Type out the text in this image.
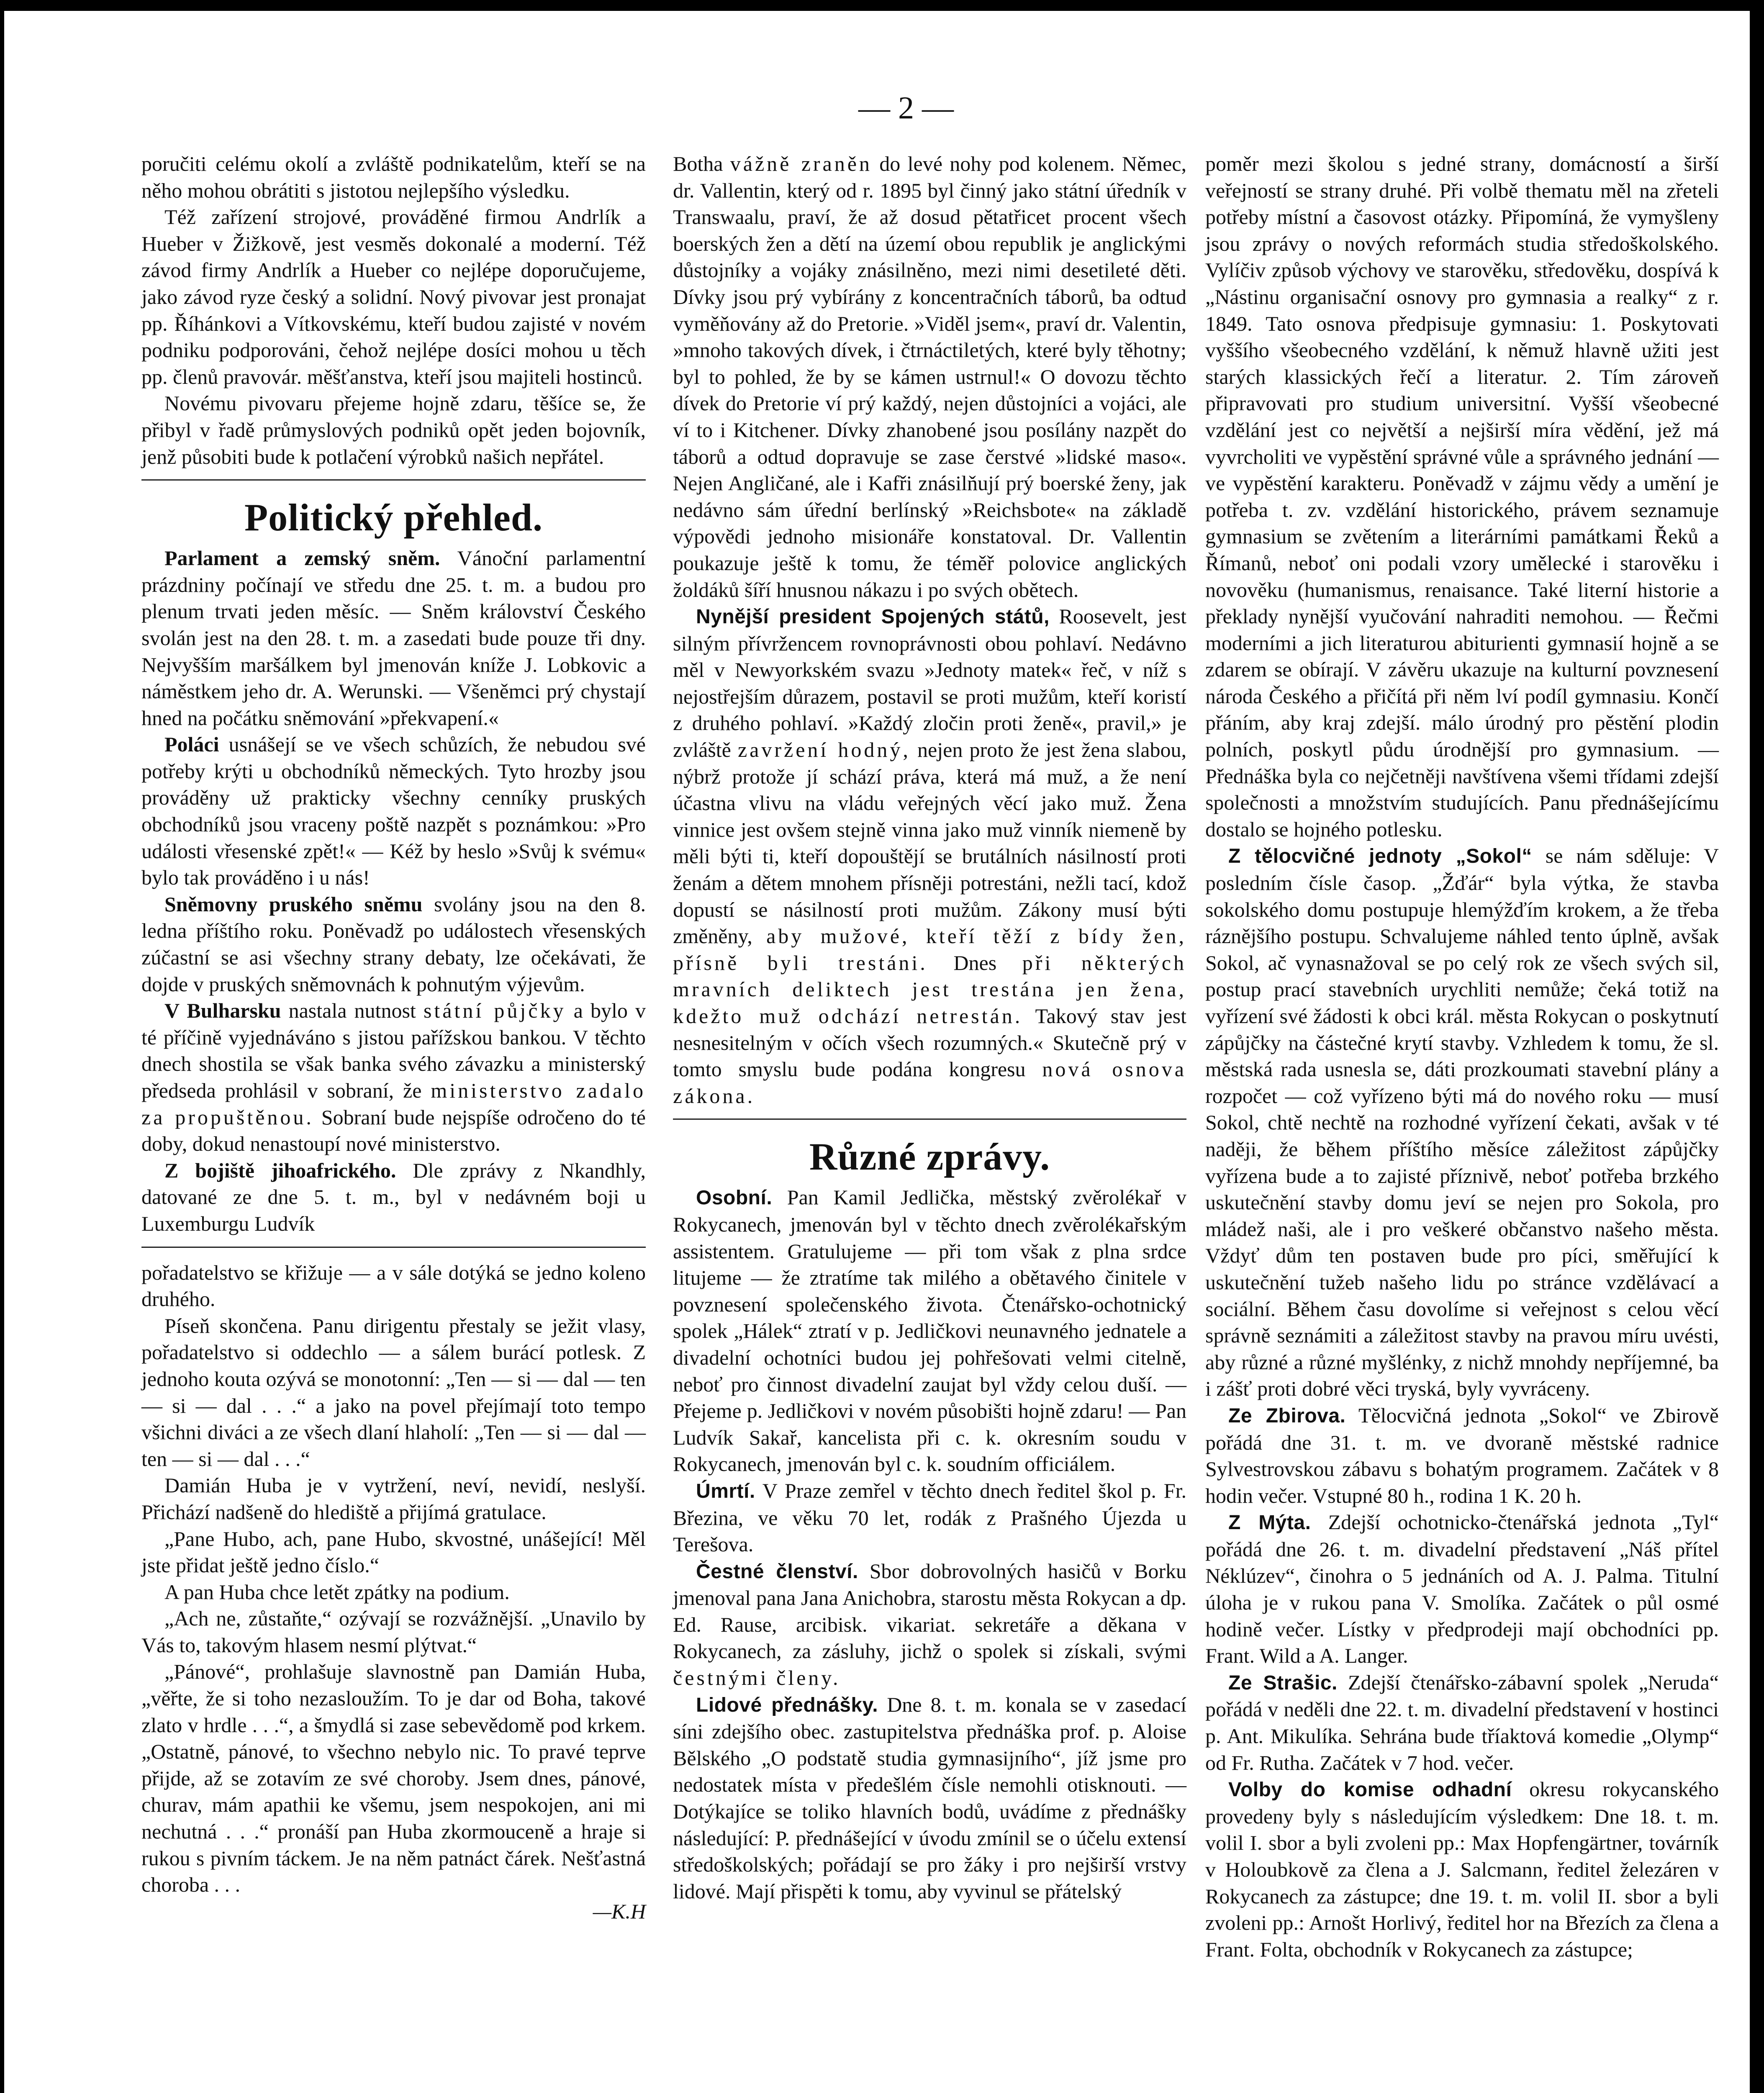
— 2 —

poručiti celému okolí a zvláště podnikatelům, kteří se na něho mohou obrátiti s jistotou nejlepšího výsledku.

Též zařízení strojové, prováděné firmou Andrlík a Hueber v Žižkově, jest vesměs dokonalé a moderní. Též závod firmy Andrlík a Hueber co nejlépe doporučujeme, jako závod ryze český a solidní. Nový pivovar jest pronajat pp. Říhánkovi a Vítkovskému, kteří budou zajisté v novém podniku podporováni, čehož nejlépe dosíci mohou u těch pp. členů pravovár. měšťanstva, kteří jsou majiteli hostinců.

Novému pivovaru přejeme hojně zdaru, těšíce se, že přibyl v řadě průmyslových podniků opět jeden bojovník, jenž působiti bude k potlačení výrobků našich nepřátel.

Politický přehled.

Parlament a zemský sněm. Vánoční parlamentní prázdniny počínají ve středu dne 25. t. m. a budou pro plenum trvati jeden měsíc. — Sněm království Českého svolán jest na den 28. t. m. a zasedati bude pouze tři dny. Nejvyšším maršálkem byl jmenován kníže J. Lobkovic a náměstkem jeho dr. A. Werunski. — Všeněmci prý chystají hned na počátku sněmování »překvapení.«

Poláci usnášejí se ve všech schůzích, že nebudou své potřeby krýti u obchodníků německých. Tyto hrozby jsou prováděny už prakticky všechny cenníky pruských obchodníků jsou vraceny poště nazpět s poznámkou: »Pro události vřesenské zpět!« — Kéž by heslo »Svůj k svému« bylo tak prováděno i u nás!

Sněmovny pruského sněmu svolány jsou na den 8. ledna příštího roku. Poněvadž po událostech vřesenských zúčastní se asi všechny strany debaty, lze očekávati, že dojde v pruských sněmovnách k pohnutým výjevům.

V Bulharsku nastala nutnost státní půjčky a bylo v té příčině vyjednáváno s jistou pařížskou bankou. V těchto dnech shostila se však banka svého závazku a ministerský předseda prohlásil v sobraní, že ministerstvo zadalo za propuštěnou. Sobraní bude nejspíše odročeno do té doby, dokud nenastoupí nové ministerstvo.

Z bojiště jihoafrického. Dle zprávy z Nkandhly, datované ze dne 5. t. m., byl v nedávném boji u Luxemburgu Ludvík

pořadatelstvo se křižuje — a v sále dotýká se jedno koleno druhého.

Píseň skončena. Panu dirigentu přestaly se ježit vlasy, pořadatelstvo si oddechlo — a sálem burácí potlesk. Z jednoho kouta ozývá se monotonní: „Ten — si — dal — ten — si — dal . . .“ a jako na povel přejímají toto tempo všichni diváci a ze všech dlaní hlaholí: „Ten — si — dal — ten — si — dal . . .“

Damián Huba je v vytržení, neví, nevidí, neslyší. Přichází nadšeně do hlediště a přijímá gratulace.

„Pane Hubo, ach, pane Hubo, skvostné, unášející! Měl jste přidat ještě jedno číslo.“

A pan Huba chce letět zpátky na podium.

„Ach ne, zůstaňte,“ ozývají se rozvážnější. „Unavilo by Vás to, takovým hlasem nesmí plýtvat.“

„Pánové“, prohlašuje slavnostně pan Damián Huba, „věřte, že si toho nezasloužím. To je dar od Boha, takové zlato v hrdle . . .“, a šmydlá si zase sebevědomě pod krkem. „Ostatně, pánové, to všechno nebylo nic. To pravé teprve přijde, až se zotavím ze své choroby. Jsem dnes, pánové, churav, mám apathii ke všemu, jsem nespokojen, ani mi nechutná . . .“ pronáší pan Huba zkormouceně a hraje si rukou s pivním táckem. Je na něm patnáct čárek. Nešťastná choroba . . .

—K.H

Botha vážně zraněn do levé nohy pod kolenem. Němec, dr. Vallentin, který od r. 1895 byl činný jako státní úředník v Transwaalu, praví, že až dosud pětatřicet procent všech boerských žen a dětí na území obou republik je anglickými důstojníky a vojáky znásilněno, mezi nimi desetileté děti. Dívky jsou prý vybírány z koncentračních táborů, ba odtud vyměňovány až do Pretorie. »Viděl jsem«, praví dr. Valentin, »mnoho takových dívek, i čtrnáctiletých, které byly těhotny; byl to pohled, že by se kámen ustrnul!« O dovozu těchto dívek do Pretorie ví prý každý, nejen důstojníci a vojáci, ale ví to i Kitchener. Dívky zhanobené jsou posílány nazpět do táborů a odtud dopravuje se zase čerstvé »lidské maso«. Nejen Angličané, ale i Kafři znásilňují prý boerské ženy, jak nedávno sám úřední berlínský »Reichsbote« na základě výpovědi jednoho misionáře konstatoval. Dr. Vallentin poukazuje ještě k tomu, že téměř polovice anglických žoldáků šíří hnusnou nákazu i po svých obětech.

Nynější president Spojených států, Roosevelt, jest silným přívržencem rovnoprávnosti obou pohlaví. Nedávno měl v Newyorkském svazu »Jednoty matek« řeč, v níž s nejostřejším důrazem, postavil se proti mužům, kteří koristí z druhého pohlaví. »Každý zločin proti ženě«, pravil,» je zvláště zavržení hodný, nejen proto že jest žena slabou, nýbrž protože jí schází práva, která má muž, a že není účastna vlivu na vládu veřejných věcí jako muž. Žena vinnice jest ovšem stejně vinna jako muž vinník niemeně by měli býti ti, kteří dopouštějí se brutálních násilností proti ženám a dětem mnohem přísněji potrestáni, nežli tací, kdož dopustí se násilností proti mužům. Zákony musí býti změněny, aby mužové, kteří těží z bídy žen, přísně byli trestáni. Dnes při některých mravních deliktech jest trestána jen žena, kdežto muž odchází netrestán. Takový stav jest nesnesitelným v očích všech rozumných.« Skutečně prý v tomto smyslu bude podána kongresu nová osnova zákona.

Různé zprávy.

Osobní. Pan Kamil Jedlička, městský zvěrolékař v Rokycanech, jmenován byl v těchto dnech zvěrolékařským assistentem. Gratulujeme — při tom však z plna srdce litujeme — že ztratíme tak milého a obětavého činitele v povznesení společenského života. Čtenářsko-ochotnický spolek „Hálek“ ztratí v p. Jedličkovi neunavného jednatele a divadelní ochotníci budou jej pohřešovati velmi citelně, neboť pro činnost divadelní zaujat byl vždy celou duší. — Přejeme p. Jedličkovi v novém působišti hojně zdaru! — Pan Ludvík Sakař, kancelista při c. k. okresním soudu v Rokycanech, jmenován byl c. k. soudním officiálem.

Úmrtí. V Praze zemřel v těchto dnech ředitel škol p. Fr. Březina, ve věku 70 let, rodák z Prašného Újezda u Terešova.

Čestné členství. Sbor dobrovolných hasičů v Borku jmenoval pana Jana Anichobra, starostu města Rokycan a dp. Ed. Rause, arcibisk. vikariat. sekretáře a děkana v Rokycanech, za zásluhy, jichž o spolek si získali, svými čestnými členy.

Lidové přednášky. Dne 8. t. m. konala se v zasedací síni zdejšího obec. zastupitelstva přednáška prof. p. Aloise Bělského „O podstatě studia gymnasijního“, jíž jsme pro nedostatek místa v předešlém čísle nemohli otisknouti. — Dotýkajíce se toliko hlavních bodů, uvádíme z přednášky následující: P. přednášející v úvodu zmínil se o účelu extensí středoškolských; pořádají se pro žáky i pro nejširší vrstvy lidové. Mají přispěti k tomu, aby vyvinul se přátelský

poměr mezi školou s jedné strany, domácností a širší veřejností se strany druhé. Při volbě thematu měl na zřeteli potřeby místní a časovost otázky. Připomíná, že vymyšleny jsou zprávy o nových reformách studia středoškolského. Vylíčiv způsob výchovy ve starověku, středověku, dospívá k „Nástinu organisační osnovy pro gymnasia a realky“ z r. 1849. Tato osnova předpisuje gymnasiu: 1. Poskytovati vyššího všeobecného vzdělání, k němuž hlavně užiti jest starých klassických řečí a literatur. 2. Tím zároveň připravovati pro studium universitní. Vyšší všeobecné vzdělání jest co největší a nejširší míra vědění, jež má vyvrcholiti ve vypěstění správné vůle a správného jednání — ve vypěstění karakteru. Poněvadž v zájmu vědy a umění je potřeba t. zv. vzdělání historického, právem seznamuje gymnasium se zvětením a literárními památkami Řeků a Římanů, neboť oni podali vzory umělecké i starověku i novověku (humanismus, renaisance. Také literní historie a překlady nynější vyučování nahraditi nemohou. — Řečmi moderními a jich literaturou abiturienti gymnasií hojně a se zdarem se obírají. V závěru ukazuje na kulturní povznesení národa Českého a přičítá při něm lví podíl gymnasiu. Končí přáním, aby kraj zdejší. málo úrodný pro pěstění plodin polních, poskytl půdu úrodnější pro gymnasium. — Přednáška byla co nejčetněji navštívena všemi třídami zdejší společnosti a množstvím studujících. Panu přednášejícímu dostalo se hojného potlesku.

Z tělocvičné jednoty „Sokol“ se nám sděluje: V posledním čísle časop. „Žďár“ byla výtka, že stavba sokolského domu postupuje hlemýžďím krokem, a že třeba ráznějšího postupu. Schvalujeme náhled tento úplně, avšak Sokol, ač vynasnažoval se po celý rok ze všech svých sil, postup prací stavebních urychliti nemůže; čeká totiž na vyřízení své žádosti k obci král. města Rokycan o poskytnutí zápůjčky na částečné krytí stavby. Vzhledem k tomu, že sl. městská rada usnesla se, dáti prozkoumati stavební plány a rozpočet — což vyřízeno býti má do nového roku — musí Sokol, chtě nechtě na rozhodné vyřízení čekati, avšak v té naději, že během příštího měsíce záležitost zápůjčky vyřízena bude a to zajisté příznivě, neboť potřeba brzkého uskutečnění stavby domu jeví se nejen pro Sokola, pro mládež naši, ale i pro veškeré občanstvo našeho města. Vždyť dům ten postaven bude pro píci, směřující k uskutečnění tužeb našeho lidu po stránce vzdělávací a sociální. Během času dovolíme si veřejnost s celou věcí správně seznámiti a záležitost stavby na pravou míru uvésti, aby různé a různé myšlénky, z nichž mnohdy nepříjemné, ba i zášť proti dobré věci tryská, byly vyvráceny.

Ze Zbirova. Tělocvičná jednota „Sokol“ ve Zbirově pořádá dne 31. t. m. ve dvoraně městské radnice Sylvestrovskou zábavu s bohatým programem. Začátek v 8 hodin večer. Vstupné 80 h., rodina 1 K. 20 h.

Z Mýta. Zdejší ochotnicko-čtenářská jednota „Tyl“ pořádá dne 26. t. m. divadelní představení „Náš přítel Néklúzev“, činohra o 5 jednáních od A. J. Palma. Titulní úloha je v rukou pana V. Smolíka. Začátek o půl osmé hodině večer. Lístky v předprodeji mají obchodníci pp. Frant. Wild a A. Langer.

Ze Strašic. Zdejší čtenářsko-zábavní spolek „Neruda“ pořádá v neděli dne 22. t. m. divadelní představení v hostinci p. Ant. Mikulíka. Sehrána bude tříaktová komedie „Olymp“ od Fr. Rutha. Začátek v 7 hod. večer.

Volby do komise odhadní okresu rokycanského provedeny byly s následujícím výsledkem: Dne 18. t. m. volil I. sbor a byli zvoleni pp.: Max Hopfengärtner, továrník v Holoubkově za člena a J. Salcmann, ředitel železáren v Rokycanech za zástupce; dne 19. t. m. volil II. sbor a byli zvoleni pp.: Arnošt Horlivý, ředitel hor na Březích za člena a Frant. Folta, obchodník v Rokycanech za zástupce;
